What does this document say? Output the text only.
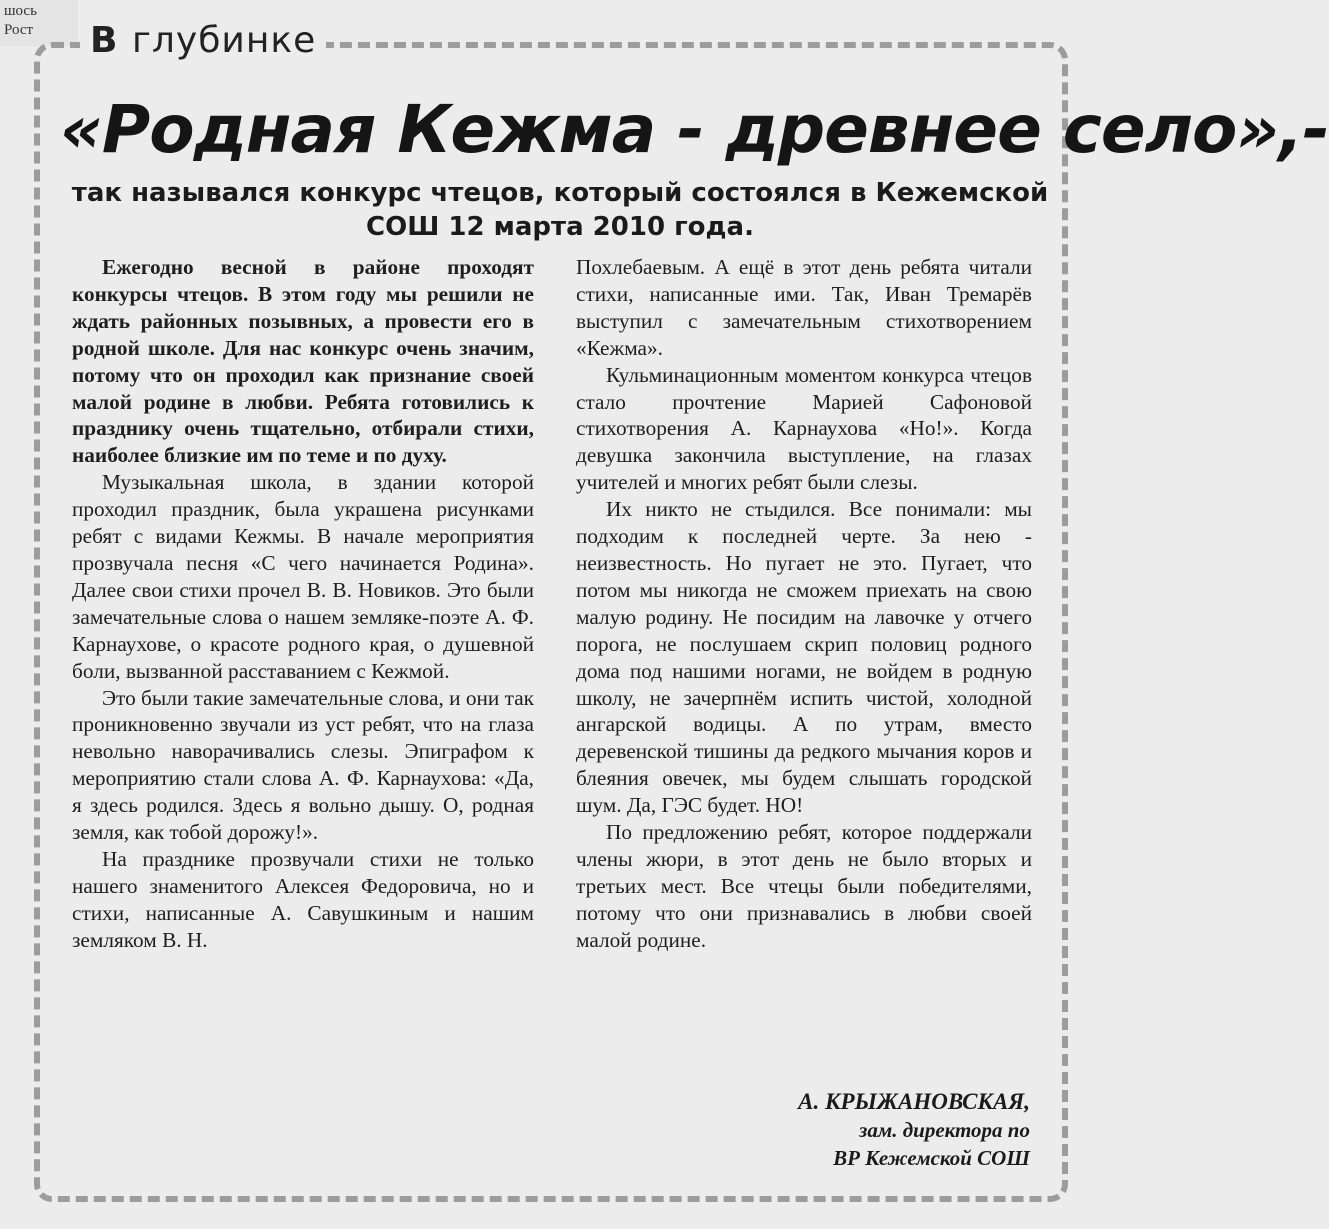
шось
Рост	В глубинке
«Родная Кежма - древнее село»,-
так назывался конкурс чтецов, который состоялся в Кежемской СОШ 12 марта 2010 года.

Ежегодно весной в районе проходят конкурсы чтецов. В этом году мы решили не ждать районных позывных, а провести его в родной школе. Для нас конкурс очень значим, потому что он проходил как признание своей малой родине в любви. Ребята готовились к празднику очень тщательно, отбирали стихи, наиболее близкие им по теме и по духу.

Музыкальная школа, в здании которой проходил праздник, была украшена рисунками ребят с видами Кежмы. В начале мероприятия прозвучала песня «С чего начинается Родина». Далее свои стихи прочел В. В. Новиков. Это были замечательные слова о нашем земляке-поэте А. Ф. Карнаухове, о красоте родного края, о душевной боли, вызванной расставанием с Кежмой.

Это были такие замечательные слова, и они так проникновенно звучали из уст ребят, что на глаза невольно наворачивались слезы. Эпиграфом к мероприятию стали слова А. Ф. Карнаухова: «Да, я здесь родился. Здесь я вольно дышу. О, родная земля, как тобой дорожу!».

На празднике прозвучали стихи не только нашего знаменитого Алексея Федоровича, но и стихи, написанные А. Савушкиным и нашим земляком В. Н.

Похлебаевым. А ещё в этот день ребята читали стихи, написанные ими. Так, Иван Тремарёв выступил с замечательным стихотворением «Кежма».

Кульминационным моментом конкурса чтецов стало прочтение Марией Сафоновой стихотворения А. Карнаухова «Но!». Когда девушка закончила выступление, на глазах учителей и многих ребят были слезы.

Их никто не стыдился. Все понимали: мы подходим к последней черте. За нею - неизвестность. Но пугает не это. Пугает, что потом мы никогда не сможем приехать на свою малую родину. Не посидим на лавочке у отчего порога, не послушаем скрип половиц родного дома под нашими ногами, не войдем в родную школу, не зачерпнём испить чистой, холодной ангарской водицы. А по утрам, вместо деревенской тишины да редкого мычания коров и блеяния овечек, мы будем слышать городской шум. Да, ГЭС будет. НО!

По предложению ребят, которое поддержали члены жюри, в этот день не было вторых и третьих мест. Все чтецы были победителями, потому что они признавались в любви своей малой родине.

А. КРЫЖАНОВСКАЯ,
зам. директора по
ВР Кежемской СОШ
